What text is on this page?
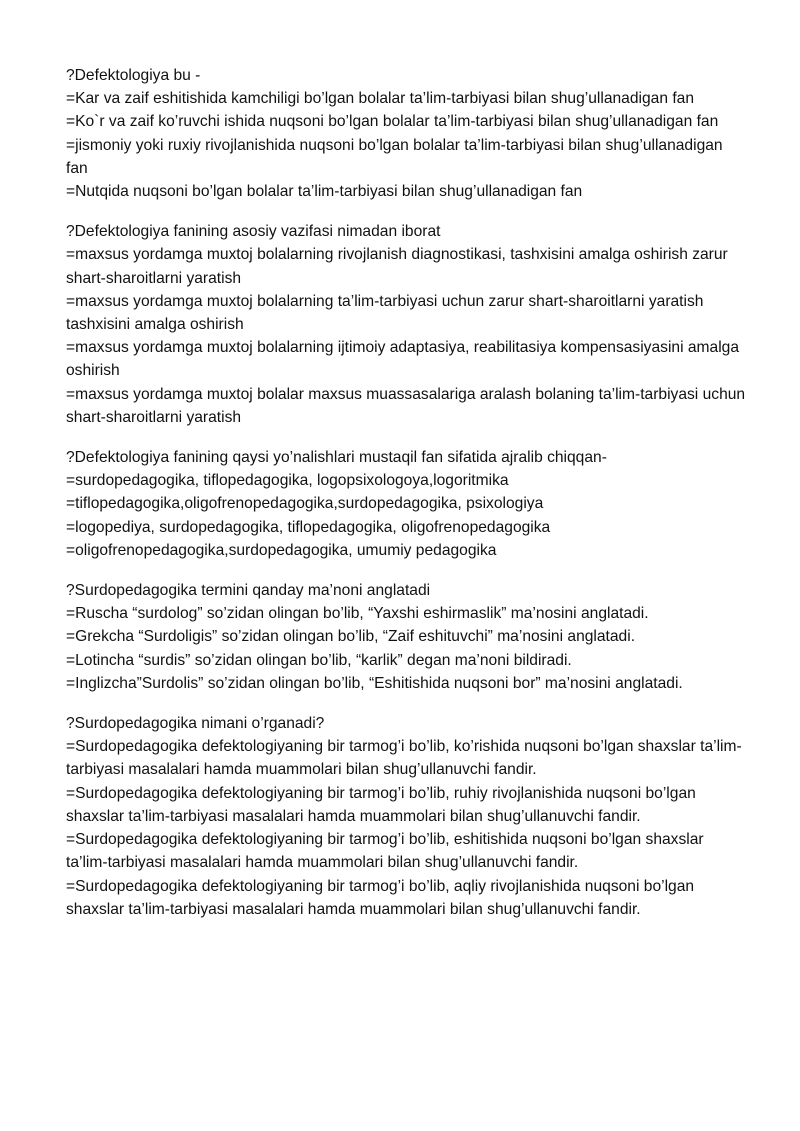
?Defektologiya bu -

=Kar va zaif eshitishida kamchiligi bo’lgan bolalar ta’lim-tarbiyasi bilan shug’ullanadigan fan

=Ko`r va zaif ko’ruvchi ishida nuqsoni bo’lgan bolalar ta’lim-tarbiyasi bilan shug’ullanadigan fan

=jismoniy yoki ruxiy rivojlanishida nuqsoni bo’lgan bolalar ta’lim-tarbiyasi bilan shug’ullanadigan fan

=Nutqida nuqsoni bo’lgan bolalar ta’lim-tarbiyasi bilan shug’ullanadigan fan

?Defektologiya fanining asosiy vazifasi nimadan iborat

=maxsus yordamga muxtoj bolalarning rivojlanish diagnostikasi, tashxisini amalga oshirish zarur shart-sharoitlarni yaratish

=maxsus yordamga muxtoj bolalarning ta’lim-tarbiyasi uchun zarur shart-sharoitlarni yaratish tashxisini amalga oshirish

=maxsus yordamga muxtoj bolalarning ijtimoiy adaptasiya, reabilitasiya kompensasiyasini amalga oshirish

=maxsus yordamga muxtoj bolalar maxsus muassasalariga aralash bolaning ta’lim-tarbiyasi uchun shart-sharoitlarni yaratish

?Defektologiya fanining qaysi yo’nalishlari mustaqil fan sifatida ajralib chiqqan-

=surdopedagogika, tiflopedagogika, logopsixologoya,logoritmika

=tiflopedagogika,oligofrenopedagogika,surdopedagogika, psixologiya

=logopediya, surdopedagogika, tiflopedagogika, oligofrenopedagogika

=oligofrenopedagogika,surdopedagogika, umumiy pedagogika

?Surdopedagogika termini qanday ma’noni anglatadi

=Ruscha “surdolog” so’zidan olingan bo’lib, “Yaxshi eshirmaslik” ma’nosini anglatadi.

=Grekcha “Surdoligis” so’zidan olingan bo’lib, “Zaif eshituvchi” ma’nosini anglatadi.

=Lotincha “surdis” so’zidan olingan bo’lib, “karlik” degan ma’noni bildiradi.

=Inglizcha”Surdolis” so’zidan olingan bo’lib, “Eshitishida nuqsoni bor” ma’nosini anglatadi.

?Surdopedagogika nimani o’rganadi?

=Surdopedagogika defektologiyaning bir tarmog’i bo’lib, ko’rishida nuqsoni bo’lgan shaxslar ta’lim-tarbiyasi masalalari hamda muammolari bilan shug’ullanuvchi fandir.

=Surdopedagogika defektologiyaning bir tarmog’i bo’lib, ruhiy rivojlanishida nuqsoni bo’lgan shaxslar ta’lim-tarbiyasi masalalari hamda muammolari bilan shug’ullanuvchi fandir.

=Surdopedagogika defektologiyaning bir tarmog’i bo’lib, eshitishida nuqsoni bo’lgan shaxslar ta’lim-tarbiyasi masalalari hamda muammolari bilan shug’ullanuvchi fandir.

=Surdopedagogika defektologiyaning bir tarmog’i bo’lib, aqliy rivojlanishida nuqsoni bo’lgan shaxslar ta’lim-tarbiyasi masalalari hamda muammolari bilan shug’ullanuvchi fandir.
